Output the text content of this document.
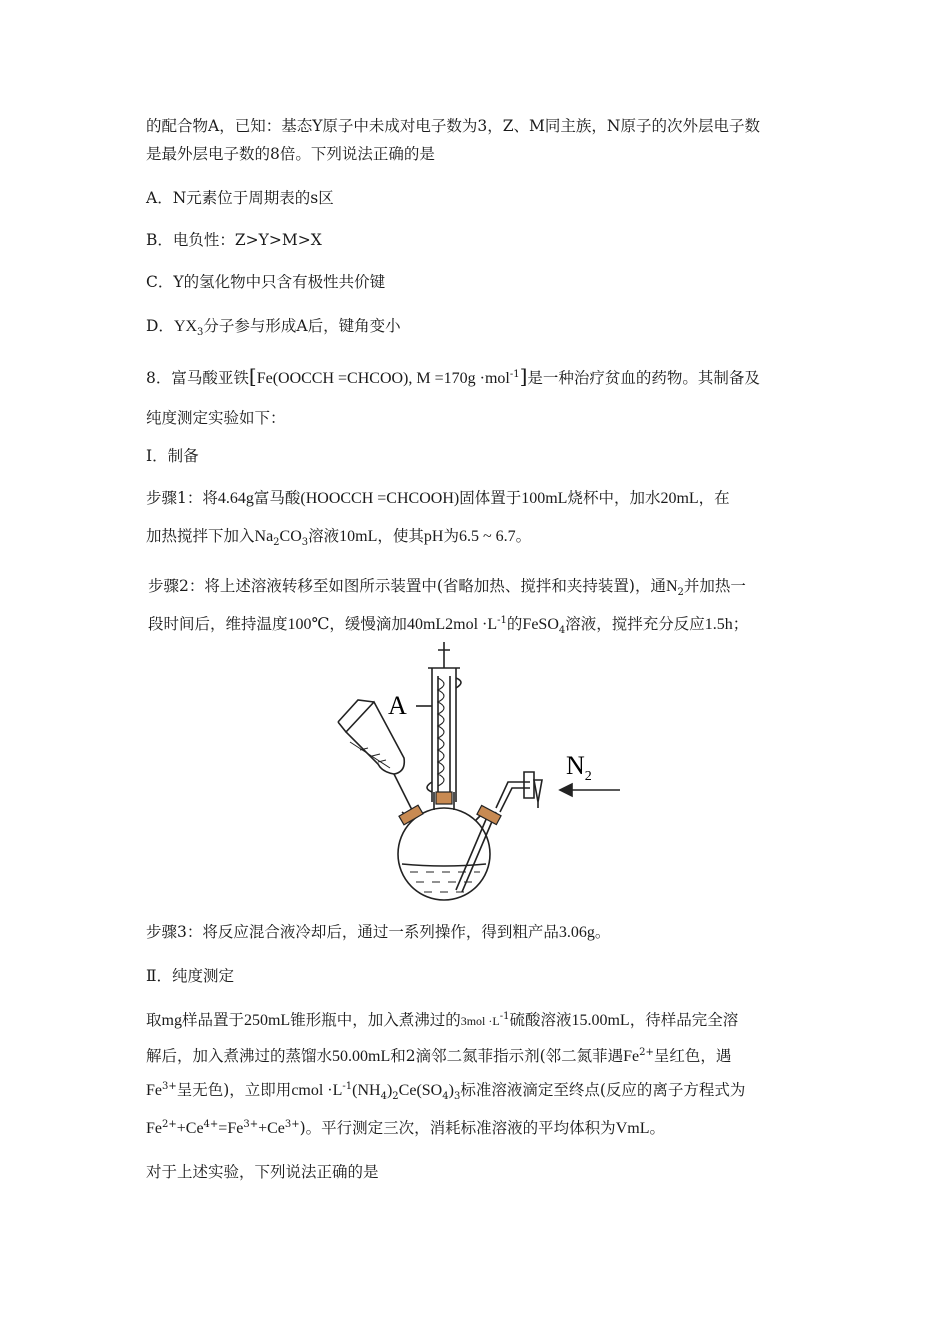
的配合物A，已知：基态Y原子中未成对电子数为3，Z、M同主族，N原子的次外层电子数
是最外层电子数的8倍。下列说法正确的是
A．N元素位于周期表的s区
B．电负性：Z>Y>M>X
C．Y的氢化物中只含有极性共价键
D．$YX_3$分子参与形成A后，键角变小
8．富马酸亚铁[Fe(OOCCH =CHCOO), M =170g ·mol$^{-1}$]是一种治疗贫血的药物。其制备及
纯度测定实验如下：
Ⅰ．制备
步骤1：将4.64g富马酸(HOOCCH =CHCOOH)固体置于100mL烧杯中，加水20mL，在
加热搅拌下加入$Na_2CO_3$溶液10mL，使其pH为6.5 ~ 6.7。
步骤2：将上述溶液转移至如图所示装置中(省略加热、搅拌和夹持装置)，通$N_2$并加热一
段时间后，维持温度100℃，缓慢滴加$40mL2mol \cdot L^{-1}$的FeSO$_4$溶液，搅拌充分反应1.5h；
A
$N_2$
步骤3：将反应混合液冷却后，通过一系列操作，得到粗产品3.06g。
Ⅱ．纯度测定
取mg样品置于250mL锥形瓶中，加入煮沸过的$3mol \cdot L^{-1}$硫酸溶液15.00mL，待样品完全溶
解后，加入煮沸过的蒸馏水50.00mL和2滴邻二氮菲指示剂(邻二氮菲遇$Fe^{2+}$呈红色，遇
$Fe^{3+}$呈无色)，立即用cmol $\cdot L^{-1}(NH_4)_2Ce(SO_4)_3$标准溶液滴定至终点(反应的离子方程式为
$Fe^{2+}+Ce^{4+}=Fe^{3+}+Ce^{3+}$)。平行测定三次，消耗标准溶液的平均体积为VmL。
对于上述实验，下列说法正确的是
